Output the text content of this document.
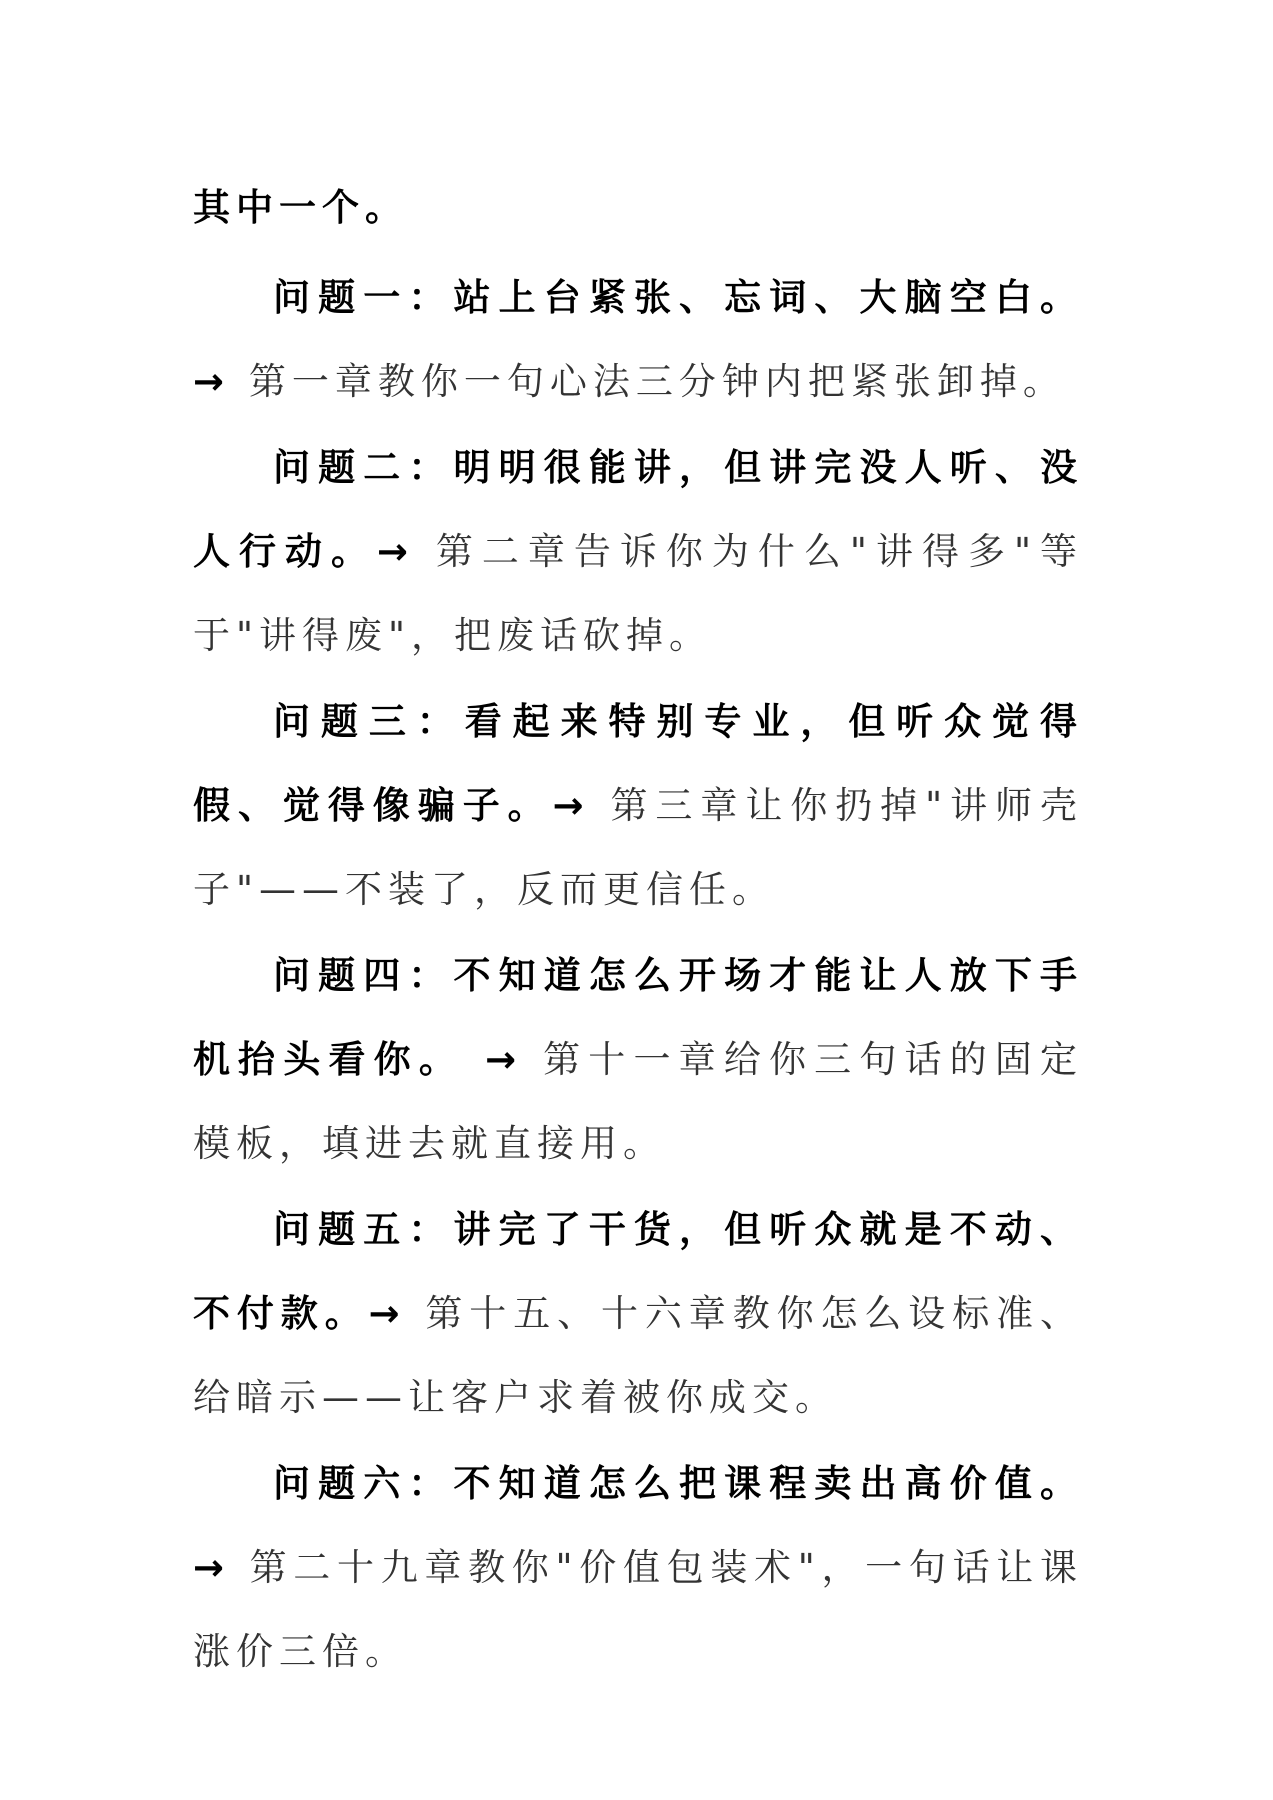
其中一个。

问题一：站上台紧张、忘词、大脑空白。 → 第一章教你一句心法三分钟内把紧张卸掉。

问题二：明明很能讲，但讲完没人听、没人行动。→ 第二章告诉你为什么"讲得多"等于"讲得废"，把废话砍掉。

问题三：看起来特别专业，但听众觉得假、觉得像骗子。→ 第三章让你扔掉"讲师壳子"——不装了，反而更信任。

问题四：不知道怎么开场才能让人放下手机抬头看你。 → 第十一章给你三句话的固定模板，填进去就直接用。

问题五：讲完了干货，但听众就是不动、不付款。→ 第十五、十六章教你怎么设标准、给暗示——让客户求着被你成交。

问题六：不知道怎么把课程卖出高价值。 → 第二十九章教你"价值包装术"，一句话让课涨价三倍。
